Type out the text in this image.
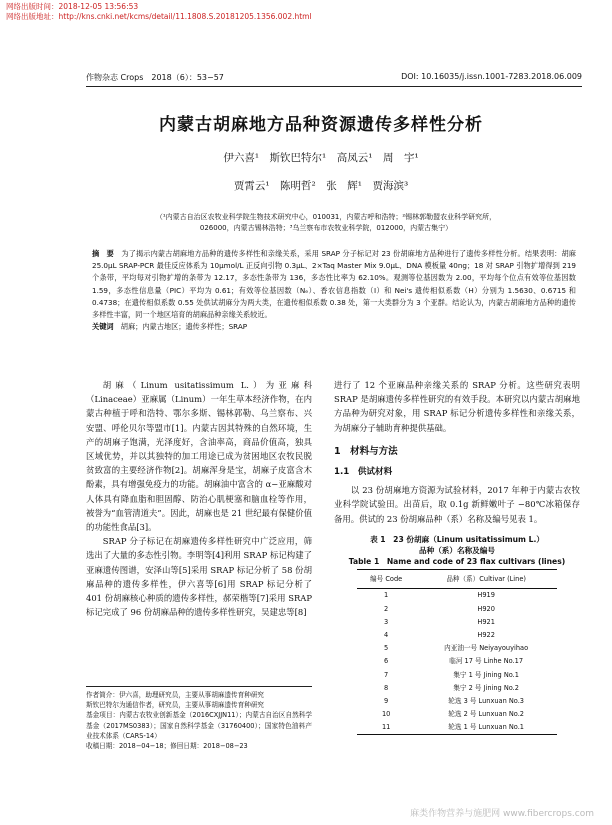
网络出版时间：2018-12-05 13:56:53
网络出版地址：http://kns.cnki.net/kcms/detail/11.1808.S.20181205.1356.002.html
作物杂志 Crops　2018（6）：53−57	DOI: 10.16035/j.issn.1001-7283.2018.06.009
内蒙古胡麻地方品种资源遗传多样性分析
伊六喜¹　斯钦巴特尔¹　高凤云¹　周　宇¹
贾霄云¹　陈明哲²　张　辉¹　贾海滨³
（¹内蒙古自治区农牧业科学院生物技术研究中心，010031，内蒙古呼和浩特；²锡林郭勒盟农业科学研究所，
026000，内蒙古锡林浩特；³乌兰察布市农牧业科学院，012000，内蒙古集宁）
摘　要　 为了揭示内蒙古胡麻地方品种的遗传多样性和亲缘关系，采用 SRAP 分子标记对 23 份胡麻地方品种进行了遗传多样性分析。结果表明：胡麻 25.0μL SRAP-PCR 最佳反应体系为 10μmol/L 正反向引物 0.3μL、2×Taq Master Mix 9.0μL、DNA 模板量 40ng；18 对 SRAP 引物扩增得到 219 个条带，平均每对引物扩增的条带为 12.17，多态性条带为 136，多态性比率为 62.10%。观测等位基因数为 2.00，平均每个位点有效等位基因数 1.59，多态性信息量（PIC）平均为 0.61；有效等位基因数（Nₑ）、香农信息指数（I）和 Nei's 遗传相似系数（H）分别为 1.5630、0.6715 和 0.4738；在遗传相似系数 0.55 处供试胡麻分为两大类，在遗传相似系数 0.38 处，第一大类群分为 3 个亚群。结论认为，内蒙古胡麻地方品种的遗传多样性丰富，同一个地区培育的胡麻品种亲缘关系较近。
关键词　 胡麻；内蒙古地区；遗传多样性；SRAP

胡麻（Linum usitatissimum L.）为亚麻科（Linaceae）亚麻属（Linum）一年生草本经济作物，在内蒙古种植于呼和浩特、鄂尔多斯、锡林郭勒、乌兰察布、兴安盟、呼伦贝尔等盟市[1]。内蒙古因其特殊的自然环境，生产的胡麻子饱满，光泽度好，含油率高，商品价值高，独具区域优势，并以其独特的加工用途已成为贫困地区农牧民脱贫致富的主要经济作物[2]。胡麻浑身是宝，胡麻子皮富含木酚素，具有增强免疫力的功能。胡麻油中富含的 α−亚麻酸对人体具有降血脂和胆固醇、防治心肌梗塞和脑血栓等作用，被誉为“血管清道夫”。因此，胡麻也是 21 世纪最有保健价值的功能性食品[3]。

SRAP 分子标记在胡麻遗传多样性研究中广泛应用，筛选出了大量的多态性引物。李明等[4]利用 SRAP 标记构建了亚麻遗传图谱，安泽山等[5]采用 SRAP 标记分析了 58 份胡麻品种的遗传多样性，伊六喜等[6]用 SRAP 标记分析了 401 份胡麻核心种质的遗传多样性，郝荣楷等[7]采用 SRAP 标记完成了 96 份胡麻品种的遗传多样性研究，吴建忠等[8]

作者简介：伊六喜，助理研究员，主要从事胡麻遗传育种研究
斯钦巴特尔为通信作者，研究员，主要从事胡麻遗传育种研究
基金项目：内蒙古农牧业创新基金（2016CXJJN11）；内蒙古自治区自然科学基金（2017MS0383）；国家自然科学基金（31760400）；国家特色油料产业技术体系（CARS-14）
收稿日期：2018−04−18；修回日期：2018−08−23

进行了 12 个亚麻品种亲缘关系的 SRAP 分析。这些研究表明 SRAP 是胡麻遗传多样性研究的有效手段。本研究以内蒙古胡麻地方品种为研究对象，用 SRAP 标记分析遗传多样性和亲缘关系，为胡麻分子辅助育种提供基础。

1　材料与方法
1.1　供试材料

以 23 份胡麻地方资源为试验材料，2017 年种于内蒙古农牧业科学院试验田。出苗后，取 0.1g 新鲜嫩叶子 −80℃冰箱保存备用。供试的 23 份胡麻品种（系）名称及编号见表 1。

表 1　23 份胡麻（Linum usitatissimum L.）
品种（系）名称及编号
Table 1　Name and code of 23 flax cultivars (lines)
编号 Code	品种（系）Cultivar (Line)
1	H919
2	H920
3	H921
4	H922
5	内亚油一号 Neiyayouyihao
6	临河 17 号 Linhe No.17
7	集宁 1 号 Jining No.1
8	集宁 2 号 Jining No.2
9	轮选 3 号 Lunxuan No.3
10	轮选 2 号 Lunxuan No.2
11	轮选 1 号 Lunxuan No.1
麻类作物营养与施肥网 www.fibercrops.com
